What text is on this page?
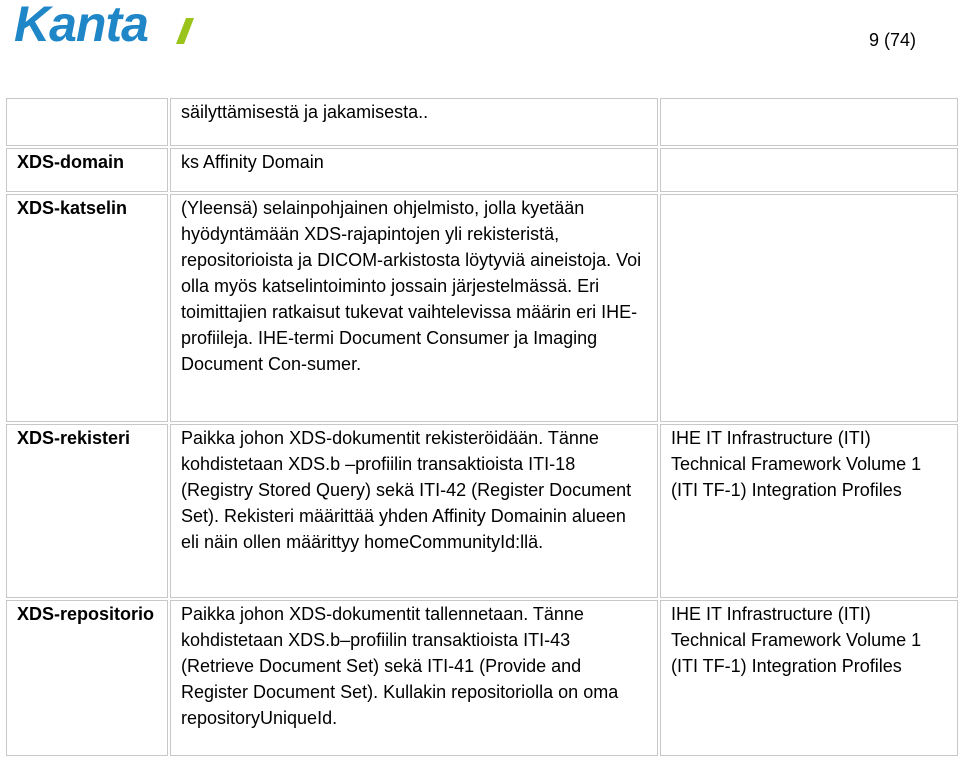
Kanta	9 (74)
	säilyttämisestä ja jakamisesta..	
XDS-domain	ks Affinity Domain	
XDS-katselin	(Yleensä) selainpohjainen ohjelmisto, jolla kyetään hyödyntämään XDS-rajapintojen yli rekisteristä, repositorioista ja DICOM-arkistosta löytyviä aineistoja. Voi olla myös katselintoiminto jossain järjestelmässä. Eri toimittajien ratkaisut tukevat vaihtelevissa määrin eri IHE-profiileja. IHE-termi Document Consumer ja Imaging Document Con-sumer.	
XDS-rekisteri	Paikka johon XDS-dokumentit rekisteröidään. Tänne kohdistetaan XDS.b –profiilin transaktioista ITI-18 (Registry Stored Query) sekä ITI-42 (Register Document Set). Rekisteri määrittää yhden Affinity Domainin alueen eli näin ollen määrittyy homeCommunityId:llä.	IHE IT Infrastructure (ITI) Technical Framework Volume 1 (ITI TF-1) Integration Profiles
XDS-repositorio	Paikka johon XDS-dokumentit tallennetaan. Tänne kohdistetaan XDS.b–profiilin transaktioista ITI-43 (Retrieve Document Set) sekä ITI-41 (Provide and Register Document Set). Kullakin repositoriolla on oma repositoryUniqueId.	IHE IT Infrastructure (ITI) Technical Framework Volume 1 (ITI TF-1) Integration Profiles
